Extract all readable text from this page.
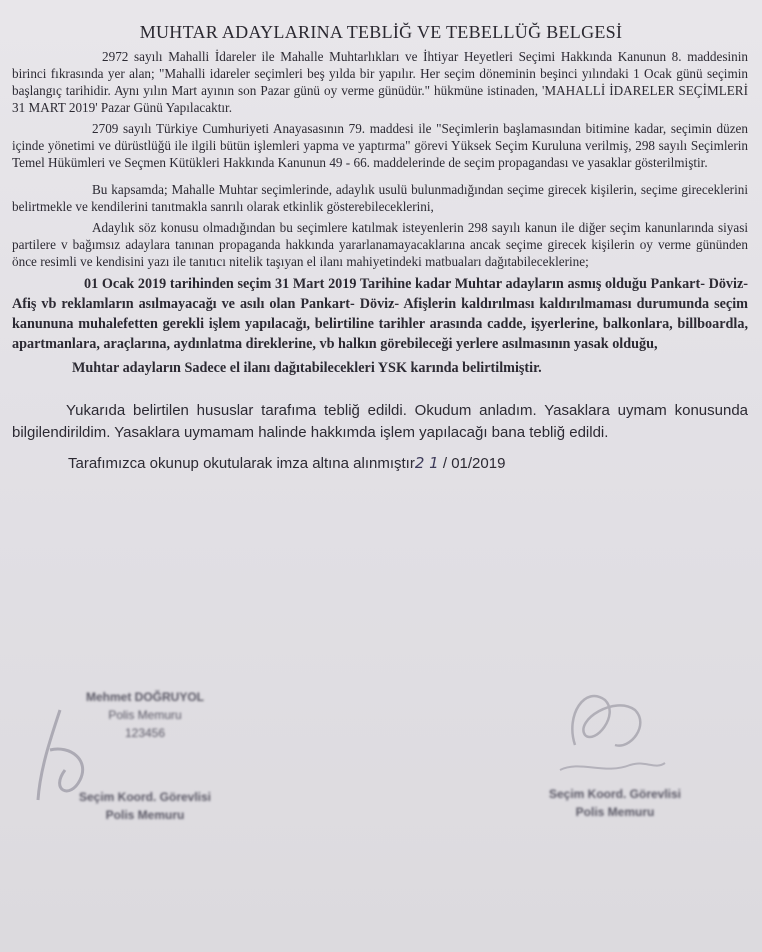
MUHTAR ADAYLARINA TEBLİĞ VE TEBELLÜĞ BELGESİ

2972 sayılı Mahalli İdareler ile Mahalle Muhtarlıkları ve İhtiyar Heyetleri Seçimi Hakkında Kanunun 8. maddesinin birinci fıkrasında yer alan; "Mahalli idareler seçimleri beş yılda bir yapılır. Her seçim döneminin beşinci yılındaki 1 Ocak günü seçimin başlangıç tarihidir. Aynı yılın Mart ayının son Pazar günü oy verme günüdür." hükmüne istinaden, 'MAHALLİ İDARELER SEÇİMLERİ 31 MART 2019' Pazar Günü Yapılacaktır.

2709 sayılı Türkiye Cumhuriyeti Anayasasının 79. maddesi ile "Seçimlerin başlamasından bitimine kadar, seçimin düzen içinde yönetimi ve dürüstlüğü ile ilgili bütün işlemleri yapma ve yaptırma" görevi Yüksek Seçim Kuruluna verilmiş, 298 sayılı Seçimlerin Temel Hükümleri ve Seçmen Kütükleri Hakkında Kanunun 49 - 66. maddelerinde de seçim propagandası ve yasaklar gösterilmiştir.

Bu kapsamda; Mahalle Muhtar seçimlerinde, adaylık usulü bulunmadığından seçime girecek kişilerin, seçime gireceklerini belirtmekle ve kendilerini tanıtmakla sanrılı olarak etkinlik gösterebileceklerini,

Adaylık söz konusu olmadığından bu seçimlere katılmak isteyenlerin 298 sayılı kanun ile diğer seçim kanunlarında siyasi partilere v bağımsız adaylara tanınan propaganda hakkında yararlanamayacaklarına ancak seçime girecek kişilerin oy verme gününden önce resimli ve kendisini yazı ile tanıtıcı nitelik taşıyan el ilanı mahiyetindeki matbuaları dağıtabileceklerine;

01 Ocak 2019 tarihinden seçim 31 Mart 2019 Tarihine kadar Muhtar adayların asmış olduğu Pankart- Döviz- Afiş vb reklamların asılmayacağı ve asılı olan Pankart- Döviz- Afişlerin kaldırılması kaldırılmaması durumunda seçim kanununa muhalefetten gerekli işlem yapılacağı, belirtiline tarihler arasında cadde, işyerlerine, balkonlara, billboardla, apartmanlara, araçlarına, aydınlatma direklerine, vb halkın görebileceği yerlere asılmasının yasak olduğu,

Muhtar adayların Sadece el ilanı dağıtabilecekleri YSK karında belirtilmiştir.

Yukarıda belirtilen hususlar tarafıma tebliğ edildi. Okudum anladım. Yasaklara uymam konusunda bilgilendirildim. Yasaklara uymamam halinde hakkımda işlem yapılacağı bana tebliğ edildi.

Tarafımızca okunup okutularak imza altına alınmıştır2 1 / 01/2019

Mehmet DOĞRUYOL
Polis Memuru
123456
Seçim Koord. Görevlisi
Polis Memuru
Seçim Koord. Görevlisi
Polis Memuru
